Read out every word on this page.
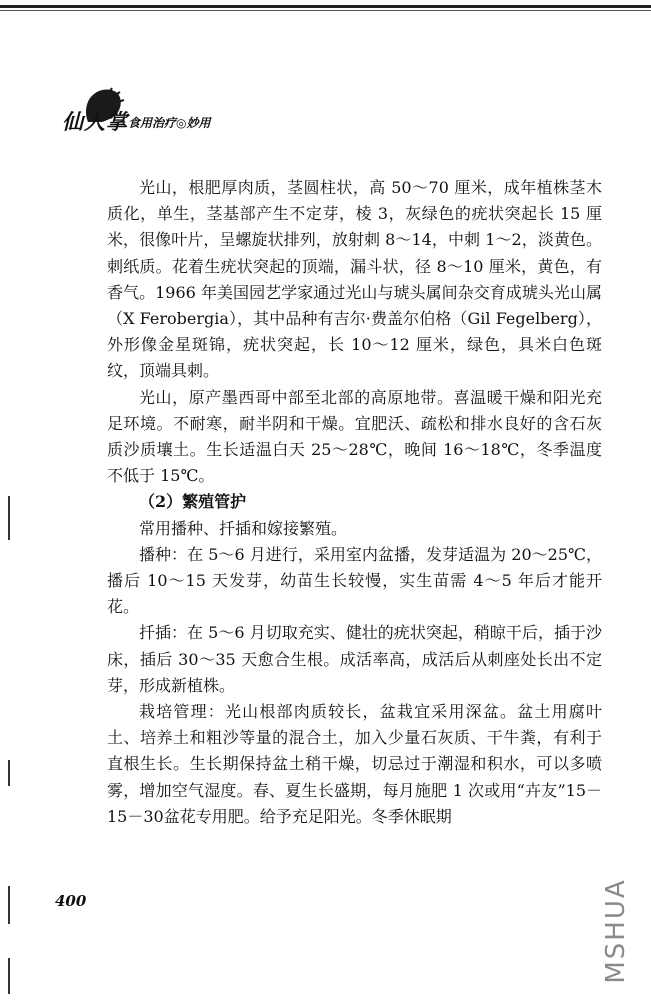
仙人掌 食用治疗◎妙用

光山，根肥厚肉质，茎圆柱状，高 50～70 厘米，成年植株茎木质化，单生，茎基部产生不定芽，棱 3，灰绿色的疣状突起长 15 厘米，很像叶片，呈螺旋状排列，放射刺 8～14，中刺 1～2，淡黄色。刺纸质。花着生疣状突起的顶端，漏斗状，径 8～10 厘米，黄色，有香气。1966 年美国园艺学家通过光山与琥头属间杂交育成琥头光山属（X Ferobergia），其中品种有吉尔·费盖尔伯格（Gil Fegelberg），外形像金星斑锦，疣状突起，长 10～12 厘米，绿色，具米白色斑纹，顶端具刺。

光山，原产墨西哥中部至北部的高原地带。喜温暖干燥和阳光充足环境。不耐寒，耐半阴和干燥。宜肥沃、疏松和排水良好的含石灰质沙质壤土。生长适温白天 25～28℃，晚间 16～18℃，冬季温度不低于 15℃。

（2）繁殖管护

常用播种、扦插和嫁接繁殖。

播种：在 5～6 月进行，采用室内盆播，发芽适温为 20～25℃，播后 10～15 天发芽，幼苗生长较慢，实生苗需 4～5 年后才能开花。

扦插：在 5～6 月切取充实、健壮的疣状突起，稍晾干后，插于沙床，插后 30～35 天愈合生根。成活率高，成活后从刺座处长出不定芽，形成新植株。

栽培管理：光山根部肉质较长，盆栽宜采用深盆。盆土用腐叶土、培养土和粗沙等量的混合土，加入少量石灰质、干牛粪，有利于直根生长。生长期保持盆土稍干燥，切忌过于潮湿和积水，可以多喷雾，增加空气湿度。春、夏生长盛期，每月施肥 1 次或用“卉友”15－15－30盆花专用肥。给予充足阳光。冬季休眠期

400	MSHUA
